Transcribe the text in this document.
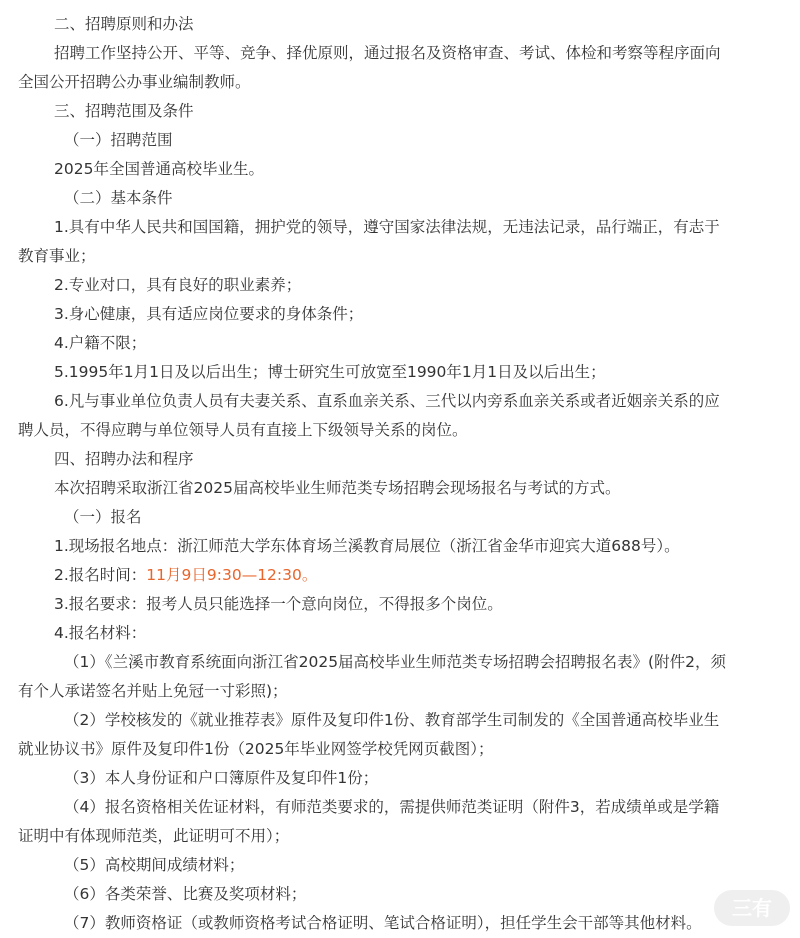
二、招聘原则和办法
招聘工作坚持公开、平等、竞争、择优原则，通过报名及资格审查、考试、体检和考察等程序面向
全国公开招聘公办事业编制教师。
三、招聘范围及条件
（一）招聘范围
2025年全国普通高校毕业生。
（二）基本条件
1.具有中华人民共和国国籍，拥护党的领导，遵守国家法律法规，无违法记录，品行端正，有志于
教育事业；
2.专业对口，具有良好的职业素养；
3.身心健康，具有适应岗位要求的身体条件；
4.户籍不限；
5.1995年1月1日及以后出生；博士研究生可放宽至1990年1月1日及以后出生；
6.凡与事业单位负责人员有夫妻关系、直系血亲关系、三代以内旁系血亲关系或者近姻亲关系的应
聘人员，不得应聘与单位领导人员有直接上下级领导关系的岗位。
四、招聘办法和程序
本次招聘采取浙江省2025届高校毕业生师范类专场招聘会现场报名与考试的方式。
（一）报名
1.现场报名地点：浙江师范大学东体育场兰溪教育局展位（浙江省金华市迎宾大道688号）。
2.报名时间：11月9日9:30—12:30。
3.报名要求：报考人员只能选择一个意向岗位，不得报多个岗位。
4.报名材料：
（1）《兰溪市教育系统面向浙江省2025届高校毕业生师范类专场招聘会招聘报名表》(附件2，须
有个人承诺签名并贴上免冠一寸彩照)；
（2）学校核发的《就业推荐表》原件及复印件1份、教育部学生司制发的《全国普通高校毕业生
就业协议书》原件及复印件1份（2025年毕业网签学校凭网页截图）；
（3）本人身份证和户口簿原件及复印件1份；
（4）报名资格相关佐证材料，有师范类要求的，需提供师范类证明（附件3，若成绩单或是学籍
证明中有体现师范类，此证明可不用）；
（5）高校期间成绩材料；
（6）各类荣誉、比赛及奖项材料；
（7）教师资格证（或教师资格考试合格证明、笔试合格证明），担任学生会干部等其他材料。
三有
